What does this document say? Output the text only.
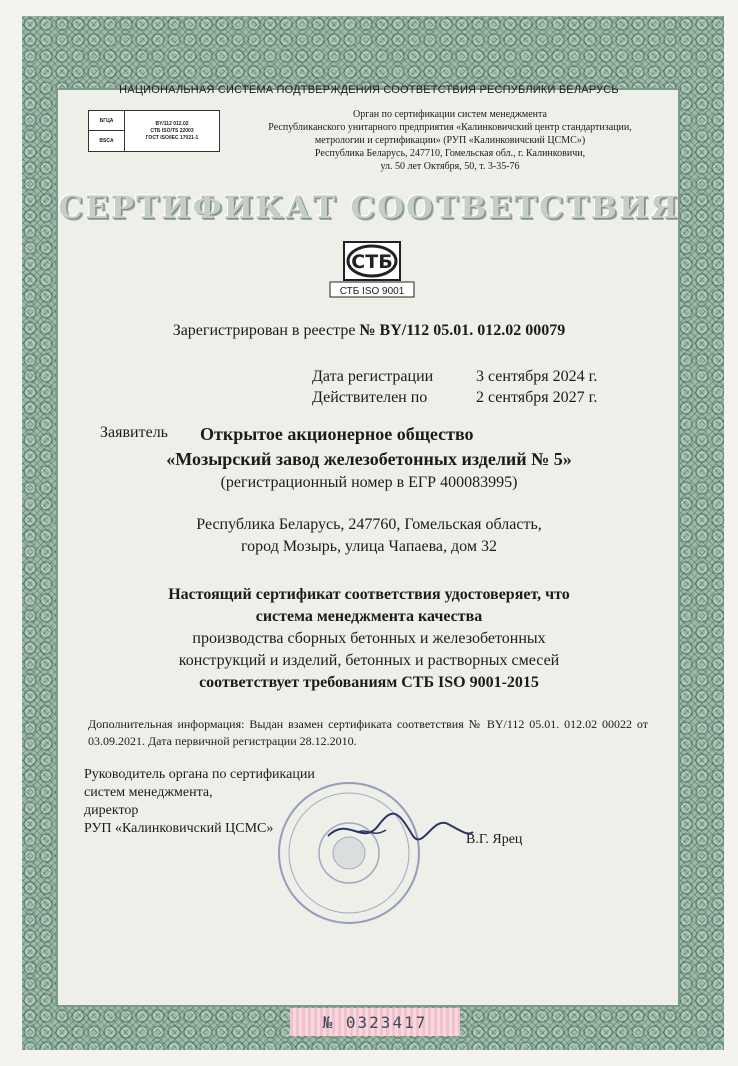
НАЦИОНАЛЬНАЯ СИСТЕМА ПОДТВЕРЖДЕНИЯ СООТВЕТСТВИЯ РЕСПУБЛИКИ БЕЛАРУСЬ
БГЦА
BSCA
BY/112 012.02
СТБ ISO/TS 22003
ГОСТ ISO/IEC 17021-1
Орган по сертификации систем менеджмента
Республиканского унитарного предприятия «Калинковичский центр стандартизации,
метрологии и сертификации» (РУП «Калинковичский ЦСМС»)
Республика Беларусь, 247710, Гомельская обл., г. Калинковичи,
ул. 50 лет Октября, 50, т. 3-35-76
СЕРТИФИКАТ СООТВЕТСТВИЯ
СТБ
СТБ ISO 9001
Зарегистрирован в реестре № BY/112 05.01. 012.02 00079
Дата регистрации	3 сентября 2024 г.
Действителен по	2 сентября 2027 г.
Заявитель Открытое акционерное общество
«Мозырский завод железобетонных изделий № 5»
(регистрационный номер в ЕГР 400083995)
Республика Беларусь, 247760, Гомельская область,
город Мозырь, улица Чапаева, дом 32
Настоящий сертификат соответствия удостоверяет, что
система менеджмента качества
производства сборных бетонных и железобетонных
конструкций и изделий, бетонных и растворных смесей
соответствует требованиям СТБ ISO 9001-2015
Дополнительная информация: Выдан взамен сертификата соответствия № BY/112 05.01. 012.02 00022 от 03.09.2021. Дата первичной регистрации 28.12.2010.
Руководитель органа по сертификации
систем менеджмента,
директор
РУП «Калинковичский ЦСМС»
В.Г. Ярец
№ 0323417
